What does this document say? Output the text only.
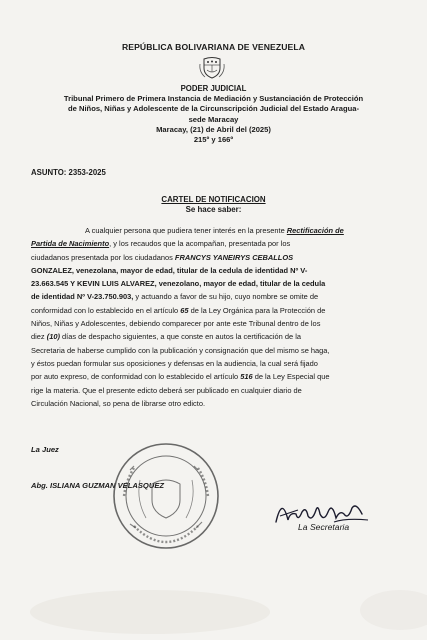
REPÚBLICA BOLIVARIANA DE VENEZUELA
PODER JUDICIAL
Tribunal Primero de Primera Instancia de Mediación y Sustanciación de Protección
de Niños, Niñas y Adolescente de la Circunscripción Judicial del Estado Aragua-
sede Maracay
Maracay, (21) de Abril del (2025)
215º y 166º
ASUNTO: 2353-2025
CARTEL DE NOTIFICACION
Se hace saber:
A cualquier persona que pudiera tener interés en la presente Rectificación de
Partida de Nacimiento, y los recaudos que la acompañan, presentada por los
ciudadanos presentada por los ciudadanos FRANCYS YANEIRYS CEBALLOS
GONZALEZ, venezolana, mayor de edad, titular de la cedula de identidad Nº V-
23.663.545 Y KEVIN LUIS ALVAREZ, venezolano, mayor de edad, titular de la cedula
de identidad Nº V-23.750.903, y actuando a favor de su hijo, cuyo nombre se omite de
conformidad con lo establecido en el artículo 65 de la Ley Orgánica para la Protección de
Niños, Niñas y Adolescentes, debiendo comparecer por ante este Tribunal dentro de los
diez (10) días de despacho siguientes, a que conste en autos la certificación de la
Secretaria de haberse cumplido con la publicación y consignación que del mismo se haga,
y éstos puedan formular sus oposiciones y defensas en la audiencia, la cual será fijado
por auto expreso, de conformidad con lo establecido el artículo 516 de la Ley Especial que
rige la materia. Que el presente edicto deberá ser publicado en cualquier diario de
Circulación Nacional, so pena de librarse otro edicto.
La Juez
Abg. ISLIANA GUZMAN VELASQUEZ
La Secretaria
